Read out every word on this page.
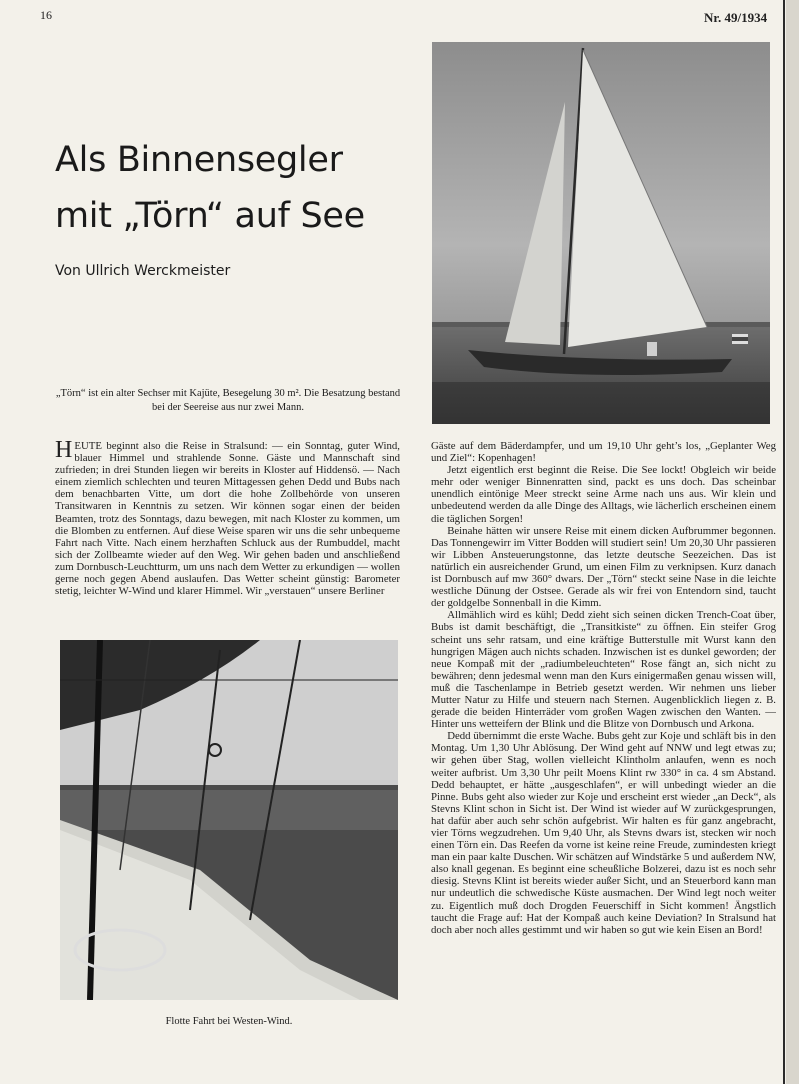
16	Nr. 49/1934
Als Binnensegler
mit „Törn“ auf See
Von Ullrich Werckmeister
„Törn“ ist ein alter Sechser mit Kajüte, Besegelung 30 m². Die Besatzung bestand bei der Seereise aus nur zwei Mann.

H EUTE beginnt also die Reise in Stralsund: — ein Sonntag, guter Wind, blauer Himmel und strahlende Sonne. Gäste und Mannschaft sind zufrieden; in drei Stunden liegen wir bereits in Kloster auf Hiddensö. — Nach einem ziemlich schlechten und teuren Mittagessen gehen Dedd und Bubs nach dem benachbarten Vitte, um dort die hohe Zollbehörde von unseren Transitwaren in Kenntnis zu setzen. Wir können sogar einen der beiden Beamten, trotz des Sonntags, dazu bewegen, mit nach Kloster zu kommen, um die Blomben zu entfernen. Auf diese Weise sparen wir uns die sehr unbequeme Fahrt nach Vitte. Nach einem herzhaften Schluck aus der Rumbuddel, macht sich der Zollbeamte wieder auf den Weg. Wir gehen baden und anschließend zum Dornbusch-Leuchtturm, um uns nach dem Wetter zu erkundigen — wollen gerne noch gegen Abend auslaufen. Das Wetter scheint günstig: Barometer stetig, leichter W-Wind und klarer Himmel. Wir „verstauen“ unsere Berliner

Flotte Fahrt bei Westen-Wind.

Gäste auf dem Bäderdampfer, und um 19,10 Uhr geht’s los, „Geplanter Weg und Ziel“: Kopenhagen!

Jetzt eigentlich erst beginnt die Reise. Die See lockt! Obgleich wir beide mehr oder weniger Binnenratten sind, packt es uns doch. Das scheinbar unendlich eintönige Meer streckt seine Arme nach uns aus. Wir klein und unbedeutend werden da alle Dinge des Alltags, wie lächerlich erscheinen einem die täglichen Sorgen!

Beinahe hätten wir unsere Reise mit einem dicken Aufbrummer begonnen. Das Tonnengewirr im Vitter Bodden will studiert sein! Um 20,30 Uhr passieren wir Libben Ansteuerungstonne, das letzte deutsche Seezeichen. Das ist natürlich ein ausreichender Grund, um einen Film zu verknipsen. Kurz danach ist Dornbusch auf mw 360° dwars. Der „Törn“ steckt seine Nase in die leichte westliche Dünung der Ostsee. Gerade als wir frei von Entendorn sind, taucht der goldgelbe Sonnenball in die Kimm.

Allmählich wird es kühl; Dedd zieht sich seinen dicken Trench-Coat über, Bubs ist damit beschäftigt, die „Transitkiste“ zu öffnen. Ein steifer Grog scheint uns sehr ratsam, und eine kräftige Butterstulle mit Wurst kann den hungrigen Mägen auch nichts schaden. Inzwischen ist es dunkel geworden; der neue Kompaß mit der „radiumbeleuchteten“ Rose fängt an, sich nicht zu bewähren; denn jedesmal wenn man den Kurs einigermaßen genau wissen will, muß die Taschenlampe in Betrieb gesetzt werden. Wir nehmen uns lieber Mutter Natur zu Hilfe und steuern nach Sternen. Augenblicklich liegen z. B. gerade die beiden Hinterräder vom großen Wagen zwischen den Wanten. — Hinter uns wetteifern der Blink und die Blitze von Dornbusch und Arkona.

Dedd übernimmt die erste Wache. Bubs geht zur Koje und schläft bis in den Montag. Um 1,30 Uhr Ablösung. Der Wind geht auf NNW und legt etwas zu; wir gehen über Stag, wollen vielleicht Klintholm anlaufen, wenn es noch weiter aufbrist. Um 3,30 Uhr peilt Moens Klint rw 330° in ca. 4 sm Abstand. Dedd behauptet, er hätte „ausgeschlafen“, er will unbedingt wieder an die Pinne. Bubs geht also wieder zur Koje und erscheint erst wieder „an Deck“, als Stevns Klint schon in Sicht ist. Der Wind ist wieder auf W zurückgesprungen, hat dafür aber auch sehr schön aufgebrist. Wir halten es für ganz angebracht, vier Törns wegzudrehen. Um 9,40 Uhr, als Stevns dwars ist, stecken wir noch einen Törn ein. Das Reefen da vorne ist keine reine Freude, zumindesten kriegt man ein paar kalte Duschen. Wir schätzen auf Windstärke 5 und außerdem NW, also knall gegenan. Es beginnt eine scheußliche Bolzerei, dazu ist es noch sehr diesig. Stevns Klint ist bereits wieder außer Sicht, und an Steuerbord kann man nur undeutlich die schwedische Küste ausmachen. Der Wind legt noch weiter zu. Eigentlich muß doch Drogden Feuerschiff in Sicht kommen! Ängstlich taucht die Frage auf: Hat der Kompaß auch keine Deviation? In Stralsund hat doch aber noch alles gestimmt und wir haben so gut wie kein Eisen an Bord!
